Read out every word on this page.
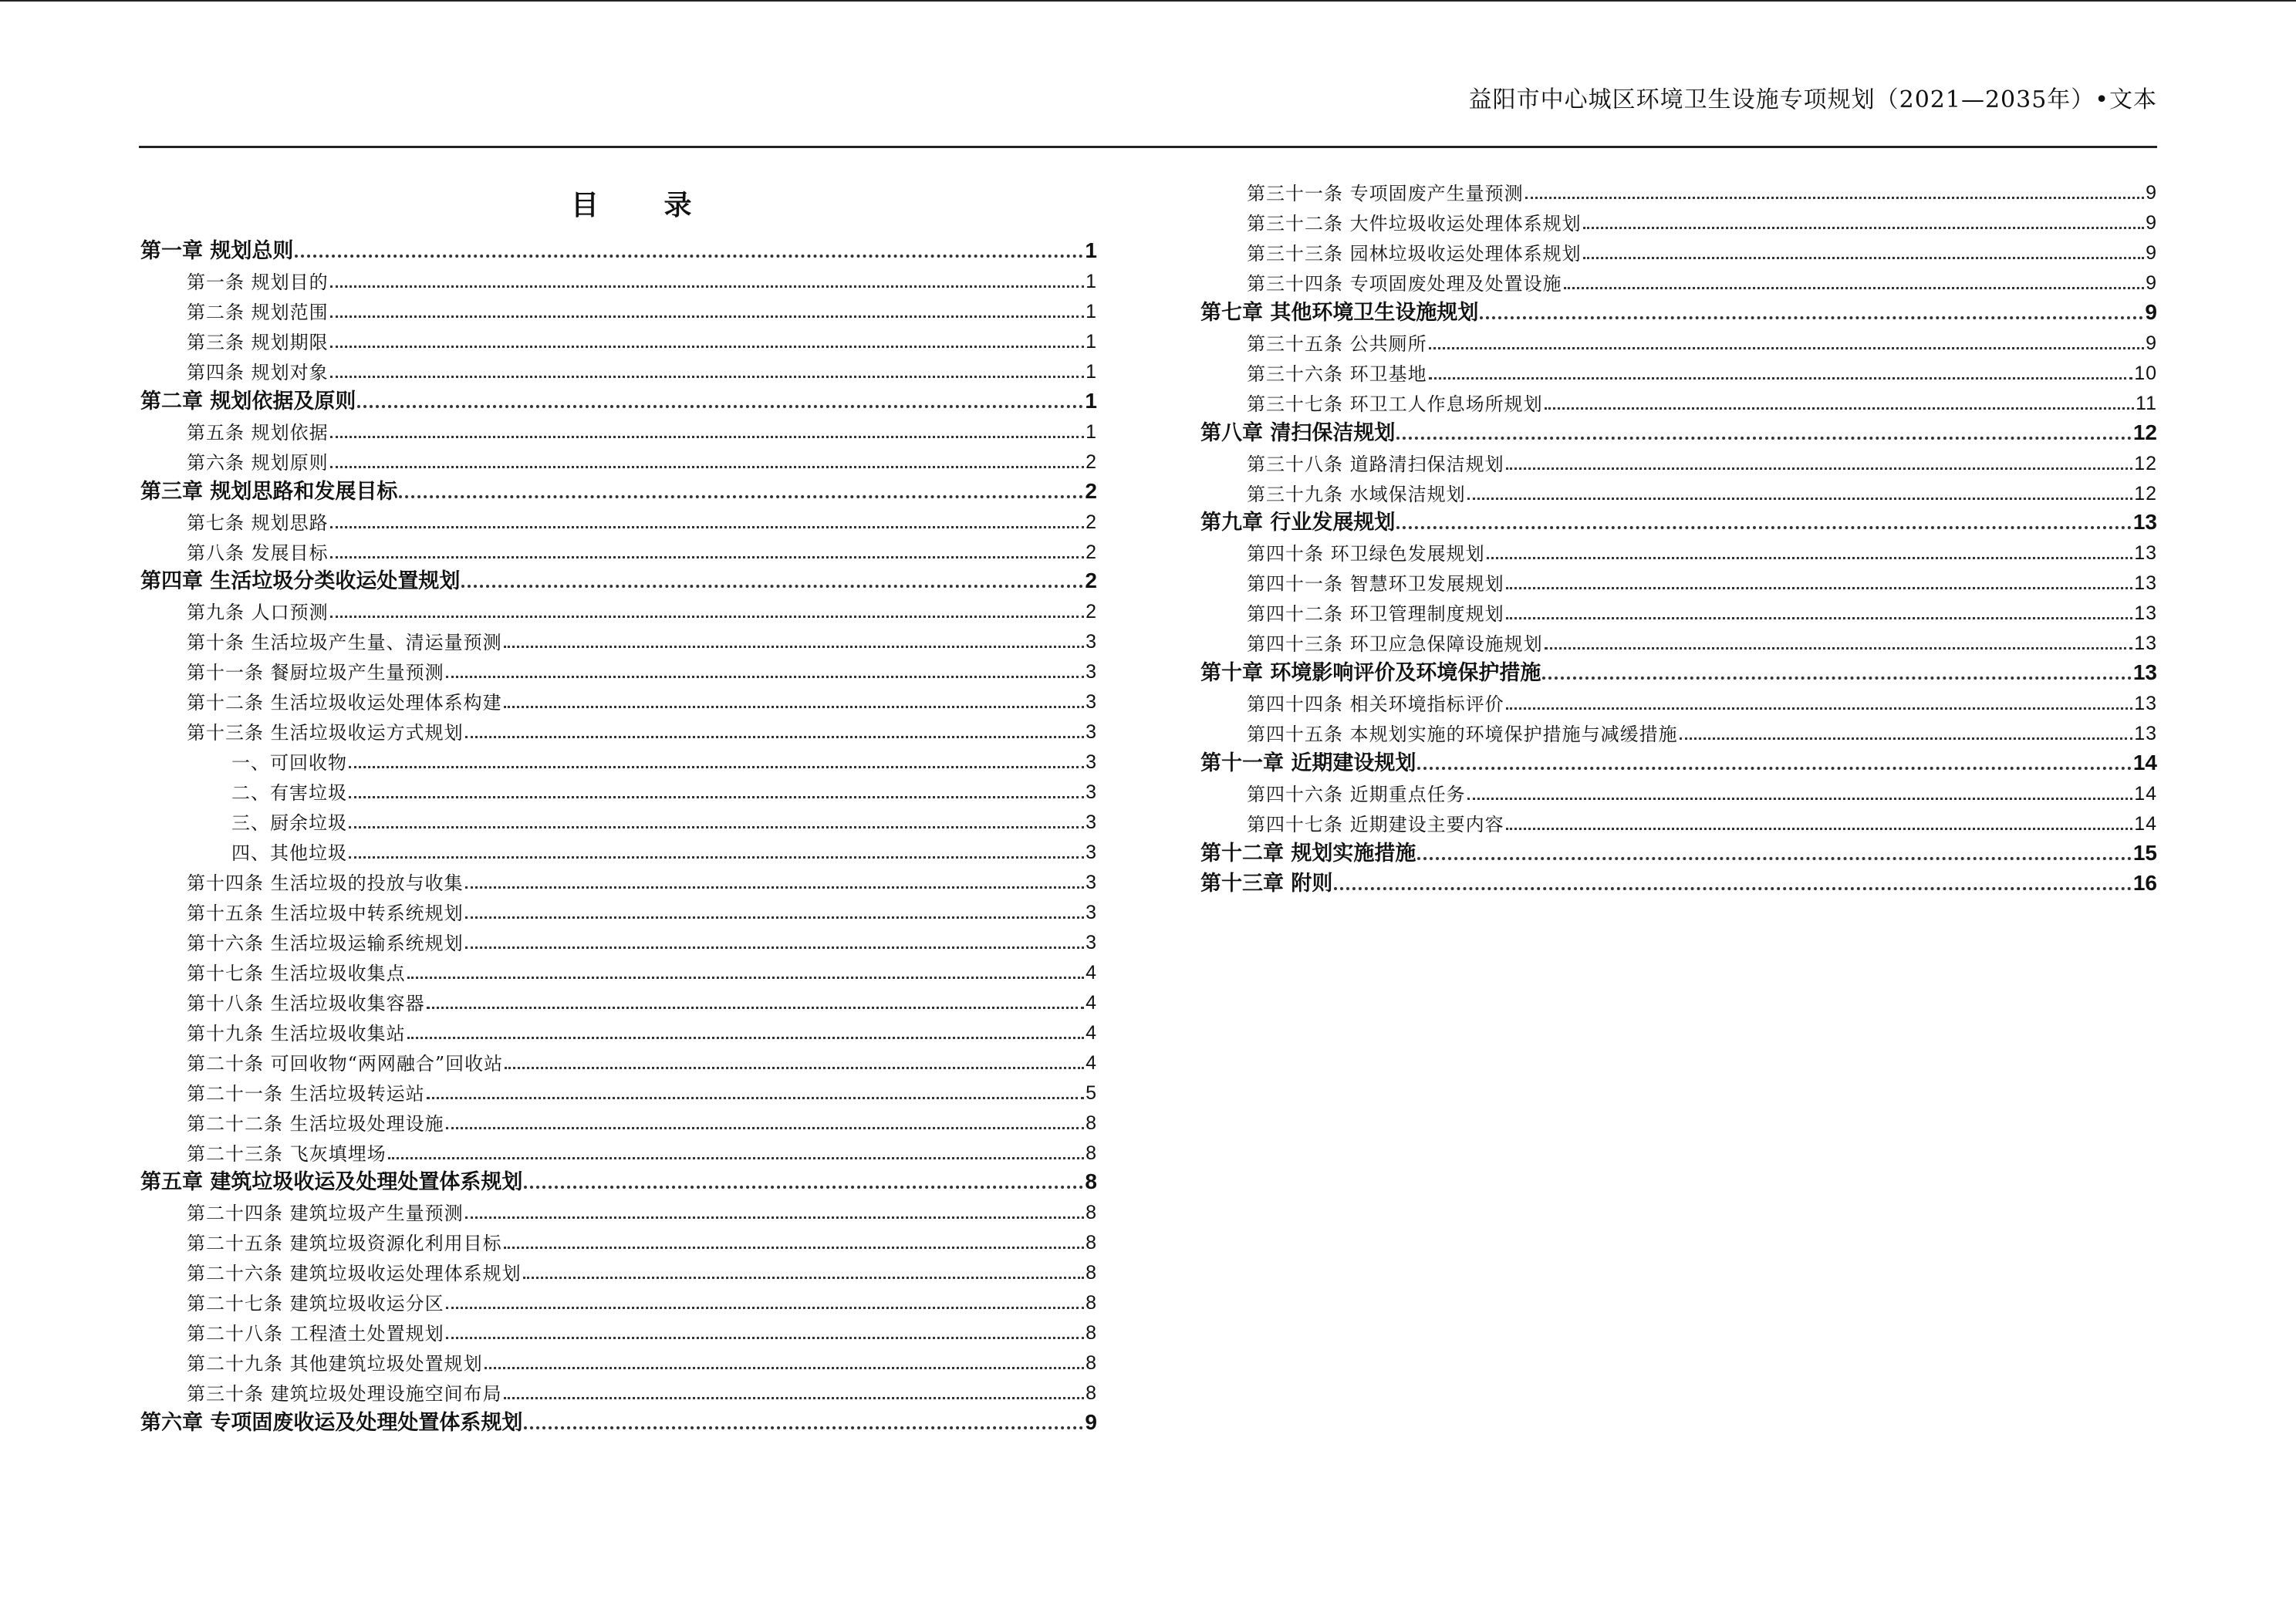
益阳市中心城区环境卫生设施专项规划（2021—2035年）•文本
目 录
第一章 规划总则	1
第一条 规划目的	1
第二条 规划范围	1
第三条 规划期限	1
第四条 规划对象	1
第二章 规划依据及原则	1
第五条 规划依据	1
第六条 规划原则	2
第三章 规划思路和发展目标	2
第七条 规划思路	2
第八条 发展目标	2
第四章 生活垃圾分类收运处置规划	2
第九条 人口预测	2
第十条 生活垃圾产生量、清运量预测	3
第十一条 餐厨垃圾产生量预测	3
第十二条 生活垃圾收运处理体系构建	3
第十三条 生活垃圾收运方式规划	3
一、可回收物	3
二、有害垃圾	3
三、厨余垃圾	3
四、其他垃圾	3
第十四条 生活垃圾的投放与收集	3
第十五条 生活垃圾中转系统规划	3
第十六条 生活垃圾运输系统规划	3
第十七条 生活垃圾收集点	4
第十八条 生活垃圾收集容器	4
第十九条 生活垃圾收集站	4
第二十条 可回收物“两网融合”回收站	4
第二十一条 生活垃圾转运站	5
第二十二条 生活垃圾处理设施	8
第二十三条 飞灰填埋场	8
第五章 建筑垃圾收运及处理处置体系规划	8
第二十四条 建筑垃圾产生量预测	8
第二十五条 建筑垃圾资源化利用目标	8
第二十六条 建筑垃圾收运处理体系规划	8
第二十七条 建筑垃圾收运分区	8
第二十八条 工程渣土处置规划	8
第二十九条 其他建筑垃圾处置规划	8
第三十条 建筑垃圾处理设施空间布局	8
第六章 专项固废收运及处理处置体系规划	9
第三十一条 专项固废产生量预测	9
第三十二条 大件垃圾收运处理体系规划	9
第三十三条 园林垃圾收运处理体系规划	9
第三十四条 专项固废处理及处置设施	9
第七章 其他环境卫生设施规划	9
第三十五条 公共厕所	9
第三十六条 环卫基地	10
第三十七条 环卫工人作息场所规划	11
第八章 清扫保洁规划	12
第三十八条 道路清扫保洁规划	12
第三十九条 水域保洁规划	12
第九章 行业发展规划	13
第四十条 环卫绿色发展规划	13
第四十一条 智慧环卫发展规划	13
第四十二条 环卫管理制度规划	13
第四十三条 环卫应急保障设施规划	13
第十章 环境影响评价及环境保护措施	13
第四十四条 相关环境指标评价	13
第四十五条 本规划实施的环境保护措施与减缓措施	13
第十一章 近期建设规划	14
第四十六条 近期重点任务	14
第四十七条 近期建设主要内容	14
第十二章 规划实施措施	15
第十三章 附则	16
